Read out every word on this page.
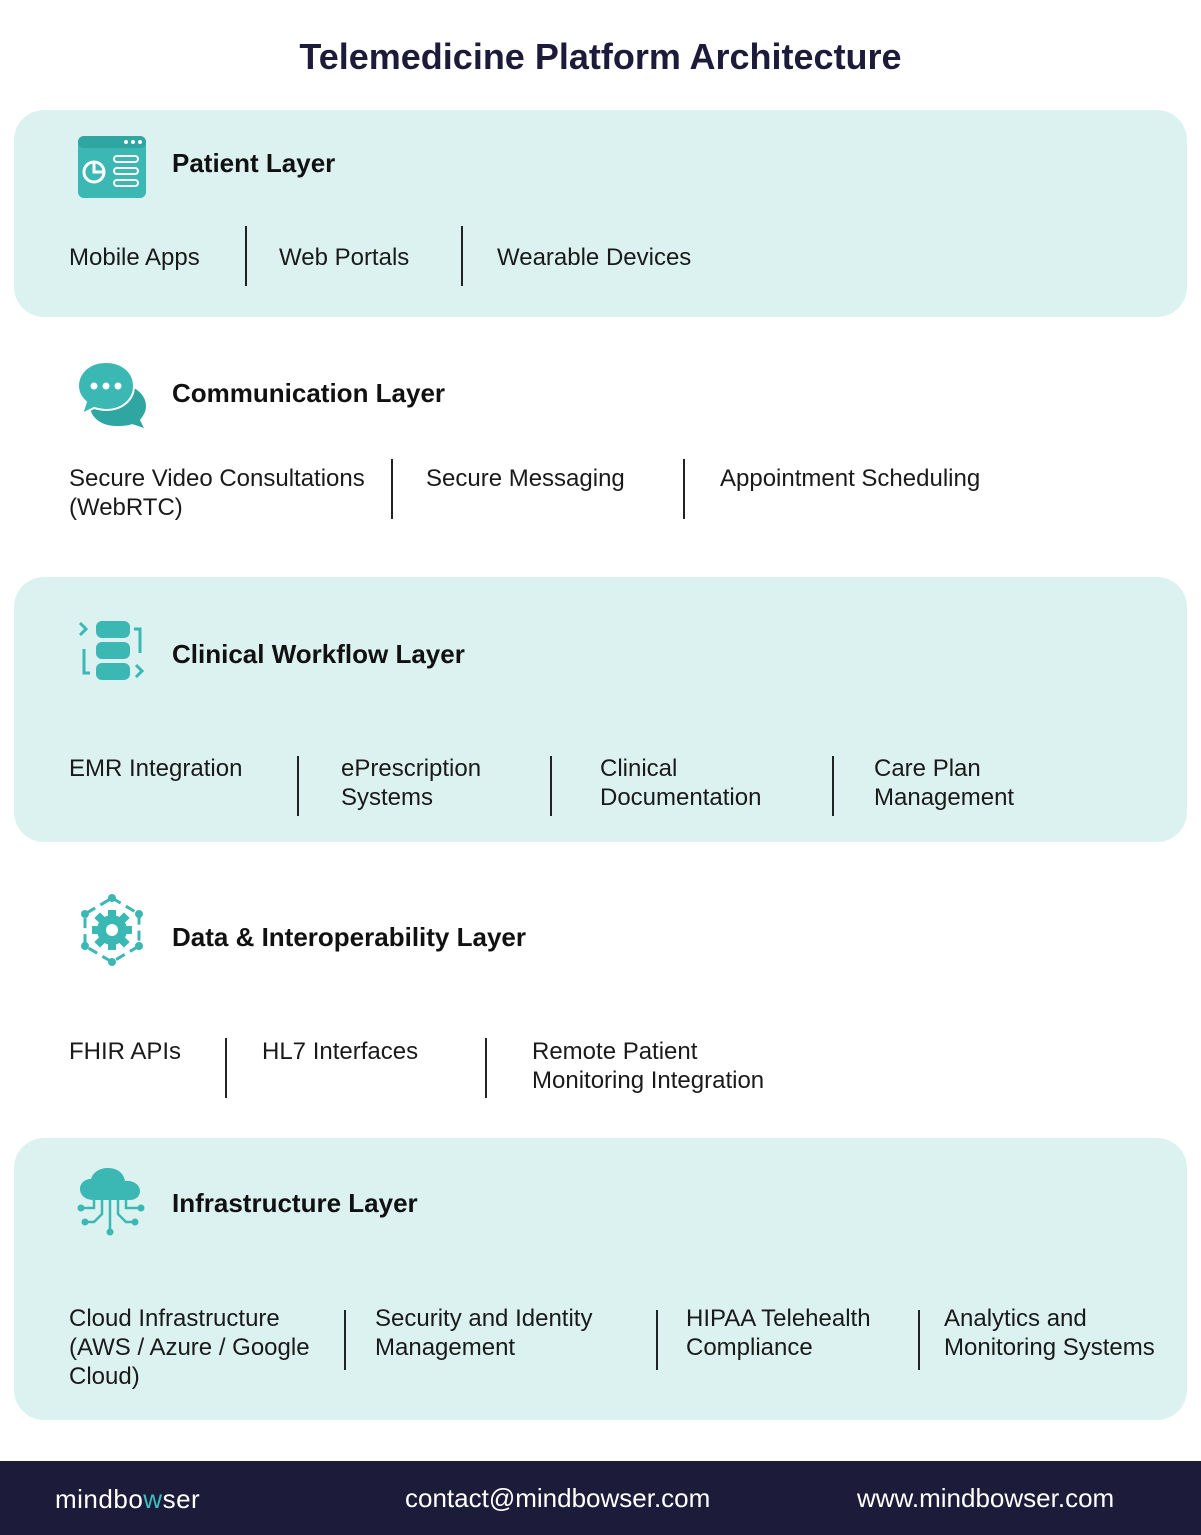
Telemedicine Platform Architecture
Patient Layer
Mobile Apps	Web Portals	Wearable Devices
Communication Layer
Secure Video Consultations (WebRTC)
Secure Messaging	Appointment Scheduling
Clinical Workflow Layer
EMR Integration	ePrescription Systems
Clinical Documentation
Care Plan Management
Data & Interoperability Layer
FHIR APIs	HL7 Interfaces	Remote Patient Monitoring Integration
Infrastructure Layer
Cloud Infrastructure (AWS / Azure / Google Cloud)
Security and Identity Management
HIPAA Telehealth Compliance
Analytics and Monitoring Systems
mindbowser	contact@mindbowser.com	www.mindbowser.com
